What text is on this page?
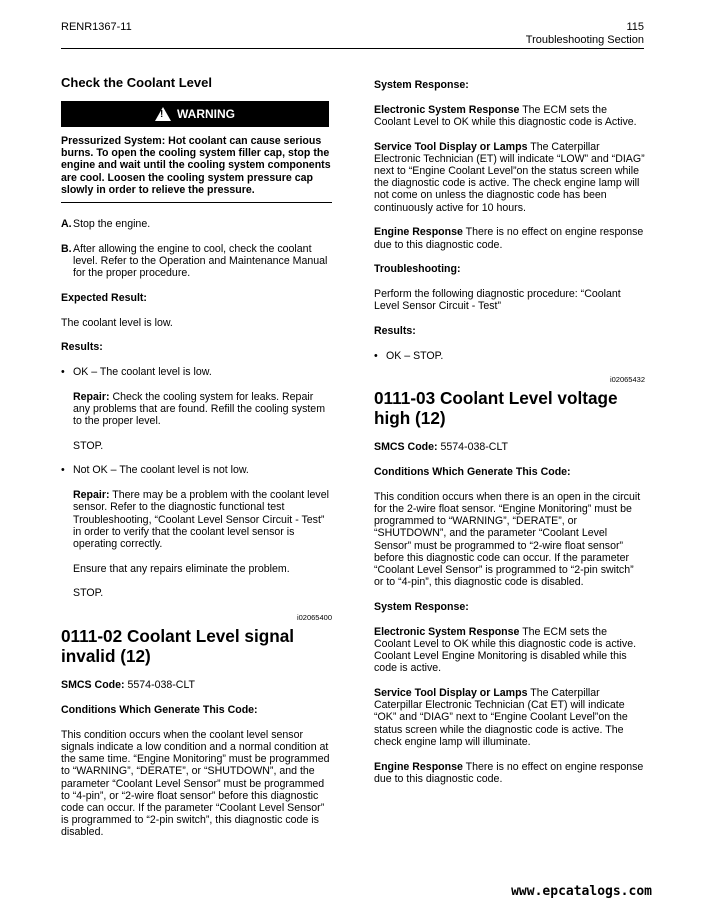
RENR1367-11	115
Troubleshooting Section
Check the Coolant Level
! WARNING

Pressurized System: Hot coolant can cause serious burns. To open the cooling system filler cap, stop the engine and wait until the cooling system components are cool. Loosen the cooling system pressure cap slowly in order to relieve the pressure.

A. Stop the engine.
B. After allowing the engine to cool, check the coolant level. Refer to the Operation and Maintenance Manual for the proper procedure.

Expected Result:

The coolant level is low.

Results:

• OK – The coolant level is low.

Repair: Check the cooling system for leaks. Repair any problems that are found. Refill the cooling system to the proper level.

STOP.

• Not OK – The coolant level is not low.

Repair: There may be a problem with the coolant level sensor. Refer to the diagnostic functional test Troubleshooting, “Coolant Level Sensor Circuit - Test” in order to verify that the coolant level sensor is operating correctly.

Ensure that any repairs eliminate the problem.

STOP.

i02065400
0111-02 Coolant Level signal invalid (12)

SMCS Code: 5574-038-CLT

Conditions Which Generate This Code:

This condition occurs when the coolant level sensor signals indicate a low condition and a normal condition at the same time. “Engine Monitoring” must be programmed to “WARNING”, “DERATE”, or “SHUTDOWN”, and the parameter “Coolant Level Sensor” must be programmed to “4-pin”, or “2-wire float sensor” before this diagnostic code can occur. If the parameter “Coolant Level Sensor” is programmed to “2-pin switch”, this diagnostic code is disabled.

System Response:

Electronic System Response The ECM sets the Coolant Level to OK while this diagnostic code is Active.

Service Tool Display or Lamps The Caterpillar Electronic Technician (ET) will indicate “LOW” and “DIAG” next to “Engine Coolant Level”on the status screen while the diagnostic code is active. The check engine lamp will not come on unless the diagnostic code has been continuously active for 10 hours.

Engine Response There is no effect on engine response due to this diagnostic code.

Troubleshooting:

Perform the following diagnostic procedure: “Coolant Level Sensor Circuit - Test”

Results:

• OK – STOP.
i02065432
0111-03 Coolant Level voltage high (12)

SMCS Code: 5574-038-CLT

Conditions Which Generate This Code:

This condition occurs when there is an open in the circuit for the 2-wire float sensor. “Engine Monitoring” must be programmed to “WARNING”, “DERATE”, or “SHUTDOWN”, and the parameter “Coolant Level Sensor” must be programmed to “2-wire float sensor” before this diagnostic code can occur. If the parameter “Coolant Level Sensor” is programmed to “2-pin switch” or to “4-pin”, this diagnostic code is disabled.

System Response:

Electronic System Response The ECM sets the Coolant Level to OK while this diagnostic code is active. Coolant Level Engine Monitoring is disabled while this code is active.

Service Tool Display or Lamps The Caterpillar Caterpillar Electronic Technician (Cat ET) will indicate “OK” and “DIAG” next to “Engine Coolant Level”on the status screen while the diagnostic code is active. The check engine lamp will illuminate.

Engine Response There is no effect on engine response due to this diagnostic code.

www.epcatalogs.com
